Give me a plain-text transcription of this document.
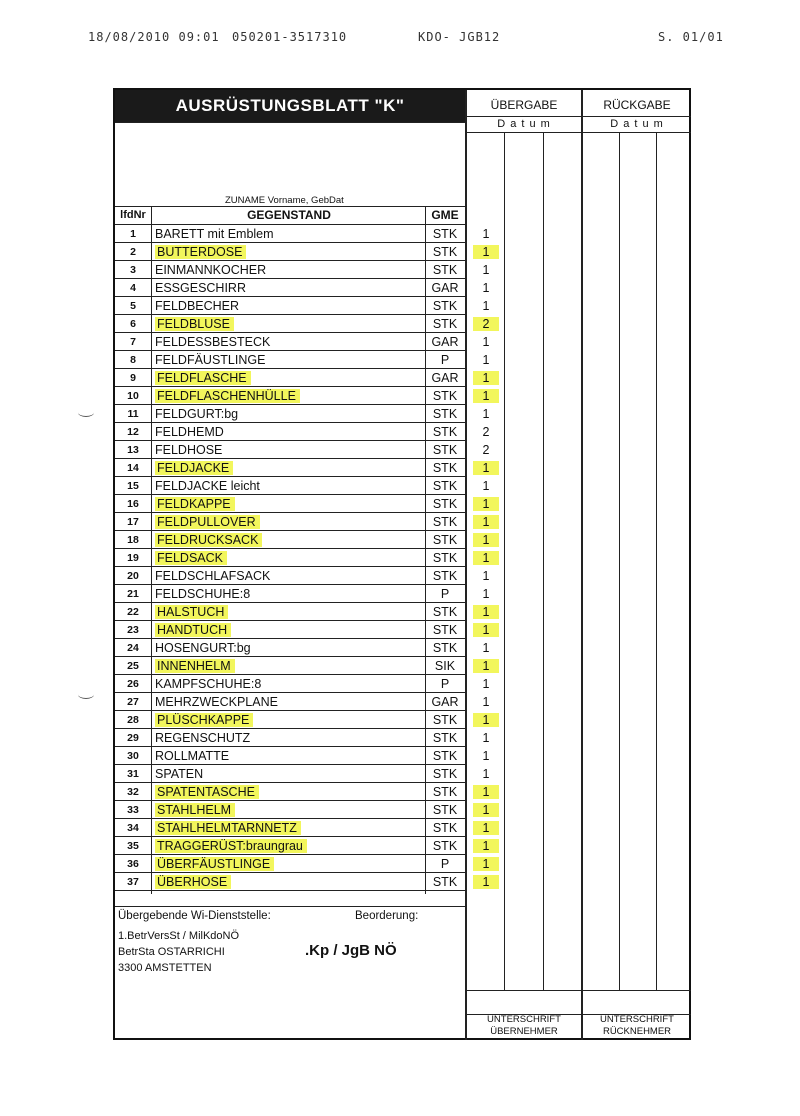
18/08/2010 09:01 050201-3517310	KDO- JGB12	S. 01/01
AUSRÜSTUNGSBLATT "K"	ÜBERGABE	RÜCKGABE
D a t u m	D a t u m
ZUNAME Vorname, GebDat
lfdNr	GEGENSTAND	GME
1	BARETT mit Emblem	STK	1
2	BUTTERDOSE	STK	1
3	EINMANNKOCHER	STK	1
4	ESSGESCHIRR	GAR	1
5	FELDBECHER	STK	1
6	FELDBLUSE	STK	2
7	FELDESSBESTECK	GAR	1
8	FELDFÄUSTLINGE	P	1
9	FELDFLASCHE	GAR	1
10	FELDFLASCHENHÜLLE	STK	1
11	FELDGURT:bg	STK	1
12	FELDHEMD	STK	2
13	FELDHOSE	STK	2
14	FELDJACKE	STK	1
15	FELDJACKE leicht	STK	1
16	FELDKAPPE	STK	1
17	FELDPULLOVER	STK	1
18	FELDRUCKSACK	STK	1
19	FELDSACK	STK	1
20	FELDSCHLAFSACK	STK	1
21	FELDSCHUHE:8	P	1
22	HALSTUCH	STK	1
23	HANDTUCH	STK	1
24	HOSENGURT:bg	STK	1
25	INNENHELM	SIK	1
26	KAMPFSCHUHE:8	P	1
27	MEHRZWECKPLANE	GAR	1
28	PLÜSCHKAPPE	STK	1
29	REGENSCHUTZ	STK	1
30	ROLLMATTE	STK	1
31	SPATEN	STK	1
32	SPATENTASCHE	STK	1
33	STAHLHELM	STK	1
34	STAHLHELMTARNNETZ	STK	1
35	TRAGGERÜST:braungrau	STK	1
36	ÜBERFÄUSTLINGE	P	1
37	ÜBERHOSE	STK	1
Übergebende Wi-Dienststelle:	Beorderung:
1.BetrVersSt / MilKdoNÖ
BetrSta OSTARRICHI
3300 AMSTETTEN
.Kp / JgB NÖ
UNTERSCHRIFT
ÜBERNEHMER
UNTERSCHRIFT
RÜCKNEHMER
